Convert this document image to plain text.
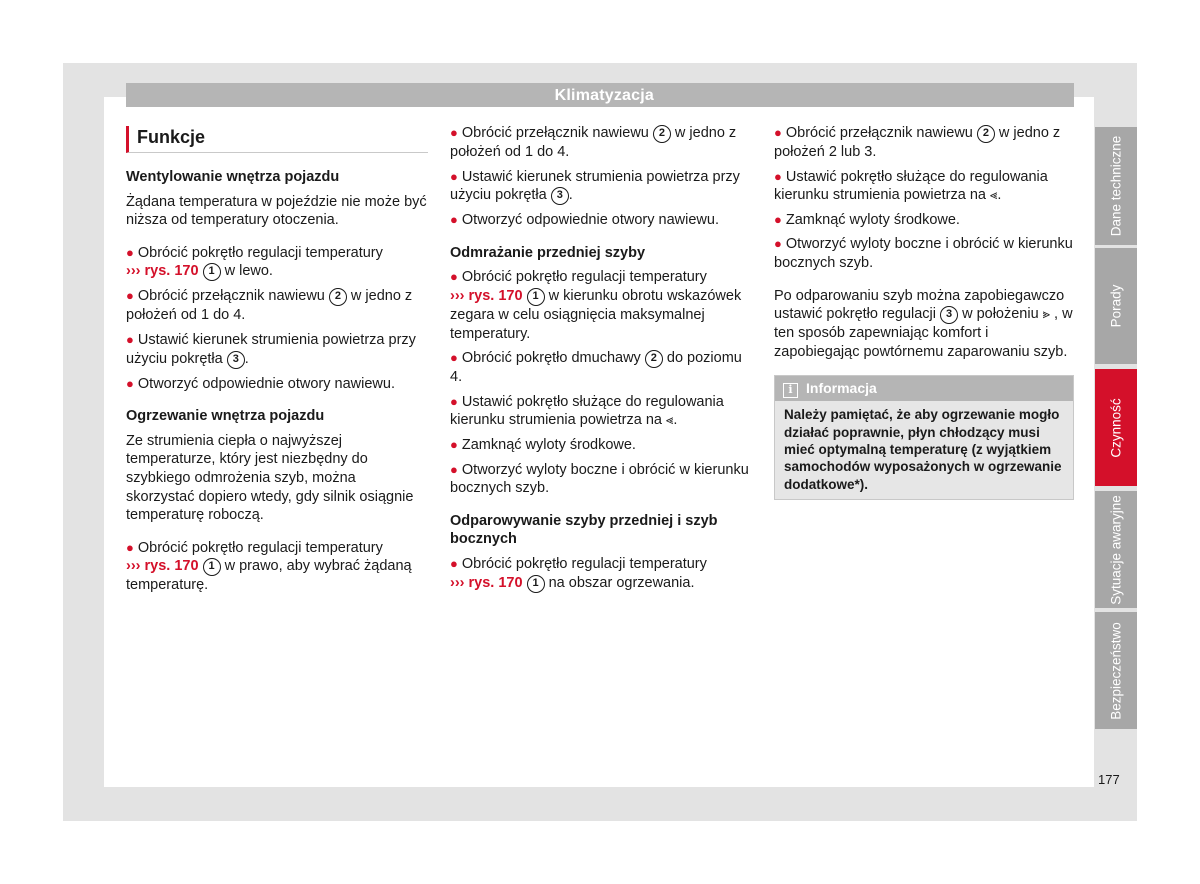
Klimatyzacja
Funkcje
Wentylowanie wnętrza pojazdu

Żądana temperatura w pojeździe nie może być niższa od temperatury otoczenia.

● Obrócić pokrętło regulacji temperatury
››› rys. 170 1 w lewo.

● Obrócić przełącznik nawiewu 2 w jedno z położeń od 1 do 4.

● Ustawić kierunek strumienia powietrza przy użyciu pokrętła 3 .

● Otworzyć odpowiednie otwory nawiewu.

Ogrzewanie wnętrza pojazdu

Ze strumienia ciepła o najwyższej temperaturze, który jest niezbędny do szybkiego odmrożenia szyb, można skorzystać dopiero wtedy, gdy silnik osiągnie temperaturę roboczą.

● Obrócić pokrętło regulacji temperatury
››› rys. 170 1 w prawo, aby wybrać żądaną temperaturę.

● Obrócić przełącznik nawiewu 2 w jedno z położeń od 1 do 4.

● Ustawić kierunek strumienia powietrza przy użyciu pokrętła 3 .

● Otworzyć odpowiednie otwory nawiewu.

Odmrażanie przedniej szyby

● Obrócić pokrętło regulacji temperatury
››› rys. 170 1 w kierunku obrotu wskazówek zegara w celu osiągnięcia maksymalnej temperatury.

● Obrócić pokrętło dmuchawy 2 do poziomu 4.

● Ustawić pokrętło służące do regulowania kierunku strumienia powietrza na ⪡.

● Zamknąć wyloty środkowe.

● Otworzyć wyloty boczne i obrócić w kierunku bocznych szyb.

Odparowywanie szyby przedniej i szyb bocznych

● Obrócić pokrętło regulacji temperatury
››› rys. 170 1 na obszar ogrzewania.

● Obrócić przełącznik nawiewu 2 w jedno z położeń 2 lub 3.

● Ustawić pokrętło służące do regulowania kierunku strumienia powietrza na ⪡.

● Zamknąć wyloty środkowe.

● Otworzyć wyloty boczne i obrócić w kierunku bocznych szyb.

Po odparowaniu szyb można zapobiegawczo ustawić pokrętło regulacji 3 w położeniu ⪢ , w ten sposób zapewniając komfort i zapobiegając powtórnemu zaparowaniu szyb.

i Informacja
Należy pamiętać, że aby ogrzewanie mogło działać poprawnie, płyn chłodzący musi mieć optymalną temperaturę (z wyjątkiem samochodów wyposażonych w ogrzewanie dodatkowe*).
Dane techniczne
Porady
Czynność
Sytuacje awaryjne
Bezpieczeństwo
177
